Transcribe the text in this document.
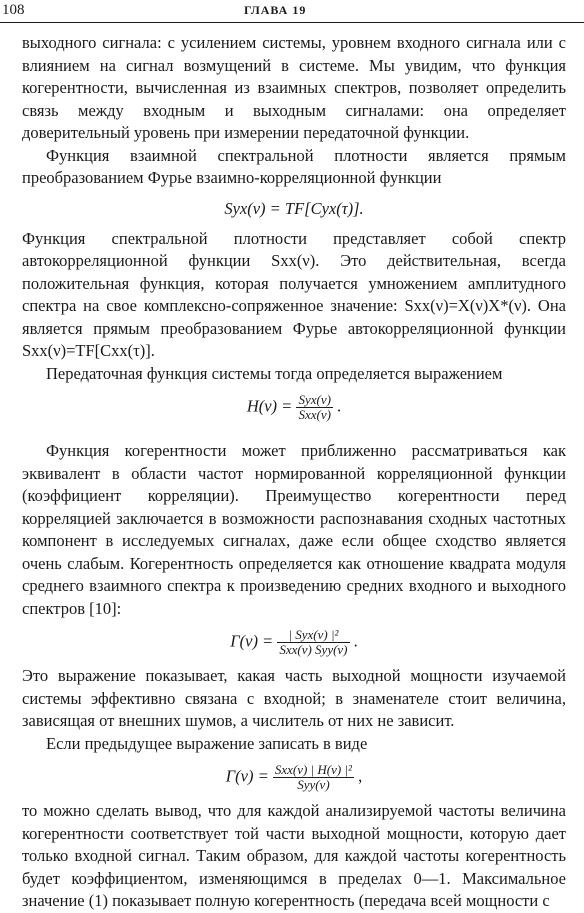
108	ГЛАВА 19

выходного сигнала: с усилением системы, уровнем входного сигнала или с влиянием на сигнал возмущений в системе. Мы увидим, что функция когерентности, вычисленная из взаимных спектров, позволяет определить связь между входным и выходным сигналами: она определяет доверительный уровень при измерении передаточной функции.

Функция взаимной спектральной плотности является прямым преобразованием Фурье взаимно-корреляционной функции

Syx(ν) = TF[Cyx(τ)].

Функция спектральной плотности представляет собой спектр автокорреляционной функции Sxx(ν). Это действительная, всегда положительная функция, которая получается умножением амплитудного спектра на свое комплексно-сопряженное значение: Sxx(ν)=X(ν)X*(ν). Она является прямым преобразованием Фурье автокорреляционной функции Sxx(ν)=TF[Cxx(τ)].

Передаточная функция системы тогда определяется выражением

$H(\nu) = \frac{\text{Syx(ν)}}{\text{Sxx(ν)}}$ .

Функция когерентности может приближенно рассматриваться как эквивалент в области частот нормированной корреляционной функции (коэффициент корреляции). Преимущество когерентности перед корреляцией заключается в возможности распознавания сходных частотных компонент в исследуемых сигналах, даже если общее сходство является очень слабым. Когерентность определяется как отношение квадрата модуля среднего взаимного спектра к произведению средних входного и выходного спектров [10]:

$\Gamma(\nu) = \frac{\text{| Syx(ν) |²}}{\text{Sxx(ν) Syy(ν)}}$ .

Это выражение показывает, какая часть выходной мощности изучаемой системы эффективно связана с входной; в знаменателе стоит величина, зависящая от внешних шумов, а числитель от них не зависит.

Если предыдущее выражение записать в виде

$\Gamma(\nu) = \frac{\text{Sxx(ν) | H(ν) |²}}{\text{Syy(ν)}}$ ,

то можно сделать вывод, что для каждой анализируемой частоты величина когерентности соответствует той части выходной мощности, которую дает только входной сигнал. Таким образом, для каждой частоты когерентность будет коэффициентом, изменяющимся в пределах 0—1. Максимальное значение (1) показывает полную когерентность (передача всей мощности с
